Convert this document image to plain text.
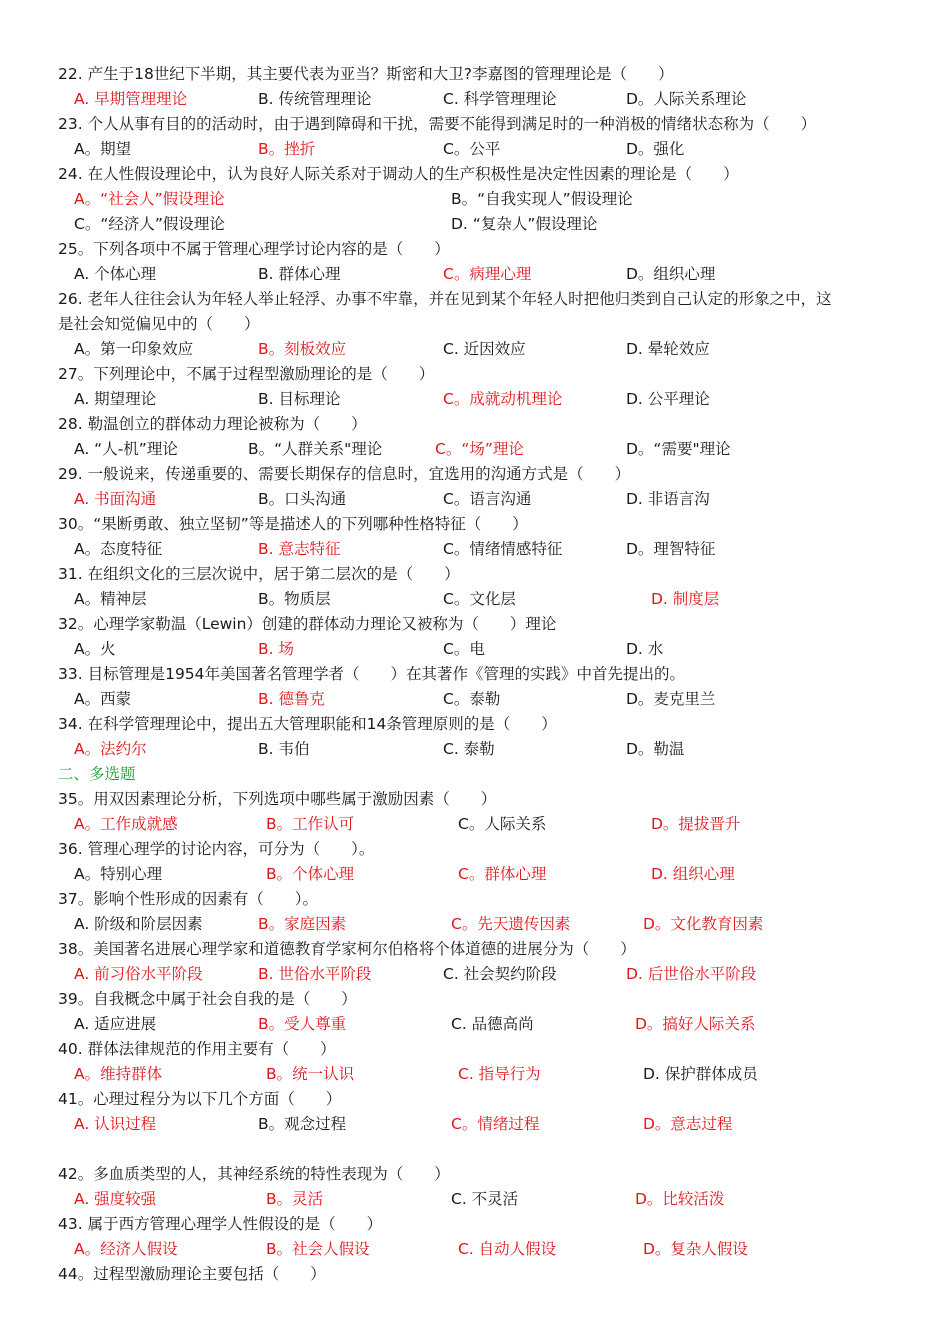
22. 产生于18世纪下半期，其主要代表为亚当？斯密和大卫?李嘉图的管理理论是（　　）
A. 早期管理理论	B. 传统管理理论	C. 科学管理理论	D。人际关系理论
23. 个人从事有目的的活动时，由于遇到障碍和干扰，需要不能得到满足时的一种消极的情绪状态称为（　　）
A。期望	B。挫折	C。公平	D。强化
24. 在人性假设理论中，认为良好人际关系对于调动人的生产积极性是决定性因素的理论是（　　）
A。“社会人”假设理论	B。“自我实现人”假设理论
C。“经济人”假设理论	D. “复杂人”假设理论
25。下列各项中不属于管理心理学讨论内容的是（　　）
A. 个体心理	B. 群体心理	C。病理心理	D。组织心理
26. 老年人往往会认为年轻人举止轻浮、办事不牢靠，并在见到某个年轻人时把他归类到自己认定的形象之中，这
是社会知觉偏见中的（　　）
A。第一印象效应	B。刻板效应	C. 近因效应	D. 晕轮效应
27。下列理论中，不属于过程型激励理论的是（　　）
A. 期望理论	B. 目标理论	C。成就动机理论	D. 公平理论
28. 勒温创立的群体动力理论被称为（　　）
A. “人-机”理论	B。“人群关系"理论	C。“场”理论	D。“需要"理论
29. 一般说来，传递重要的、需要长期保存的信息时，宜选用的沟通方式是（　　）
A. 书面沟通	B。口头沟通	C。语言沟通	D. 非语言沟
30。“果断勇敢、独立坚韧”等是描述人的下列哪种性格特征（　　）
A。态度特征	B. 意志特征	C。情绪情感特征	D。理智特征
31. 在组织文化的三层次说中，居于第二层次的是（　　）
A。精神层	B。物质层	C。文化层	D. 制度层
32。心理学家勒温（Lewin）创建的群体动力理论又被称为（　　）理论
A。火	B. 场	C。电	D. 水
33. 目标管理是1954年美国著名管理学者（　　）在其著作《管理的实践》中首先提出的。
A。西蒙	B. 德鲁克	C。泰勒	D。麦克里兰
34. 在科学管理理论中，提出五大管理职能和14条管理原则的是（　　）
A。法约尔	B. 韦伯	C. 泰勒	D。勒温
二、多选题
35。用双因素理论分析，下列选项中哪些属于激励因素（　　）
A。工作成就感	B。工作认可	C。人际关系	D。提拔晋升
36. 管理心理学的讨论内容，可分为（　　）。
A。特别心理	B。个体心理	C。群体心理	D. 组织心理
37。影响个性形成的因素有（　　）。
A. 阶级和阶层因素	B。家庭因素	C。先天遗传因素	D。文化教育因素
38。美国著名进展心理学家和道德教育学家柯尔伯格将个体道德的进展分为（　　）
A. 前习俗水平阶段	B. 世俗水平阶段	C. 社会契约阶段	D. 后世俗水平阶段
39。自我概念中属于社会自我的是（　　）
A. 适应进展	B。受人尊重	C. 品德高尚	D。搞好人际关系
40. 群体法律规范的作用主要有（　　）
A。维持群体	B。统一认识	C. 指导行为	D. 保护群体成员
41。心理过程分为以下几个方面（　　）
A. 认识过程	B。观念过程	C。情绪过程	D。意志过程
42。多血质类型的人，其神经系统的特性表现为（　　）
A. 强度较强	B。灵活	C. 不灵活	D。比较活泼
43. 属于西方管理心理学人性假设的是（　　）
A。经济人假设	B。社会人假设	C. 自动人假设	D。复杂人假设
44。过程型激励理论主要包括（　　）
